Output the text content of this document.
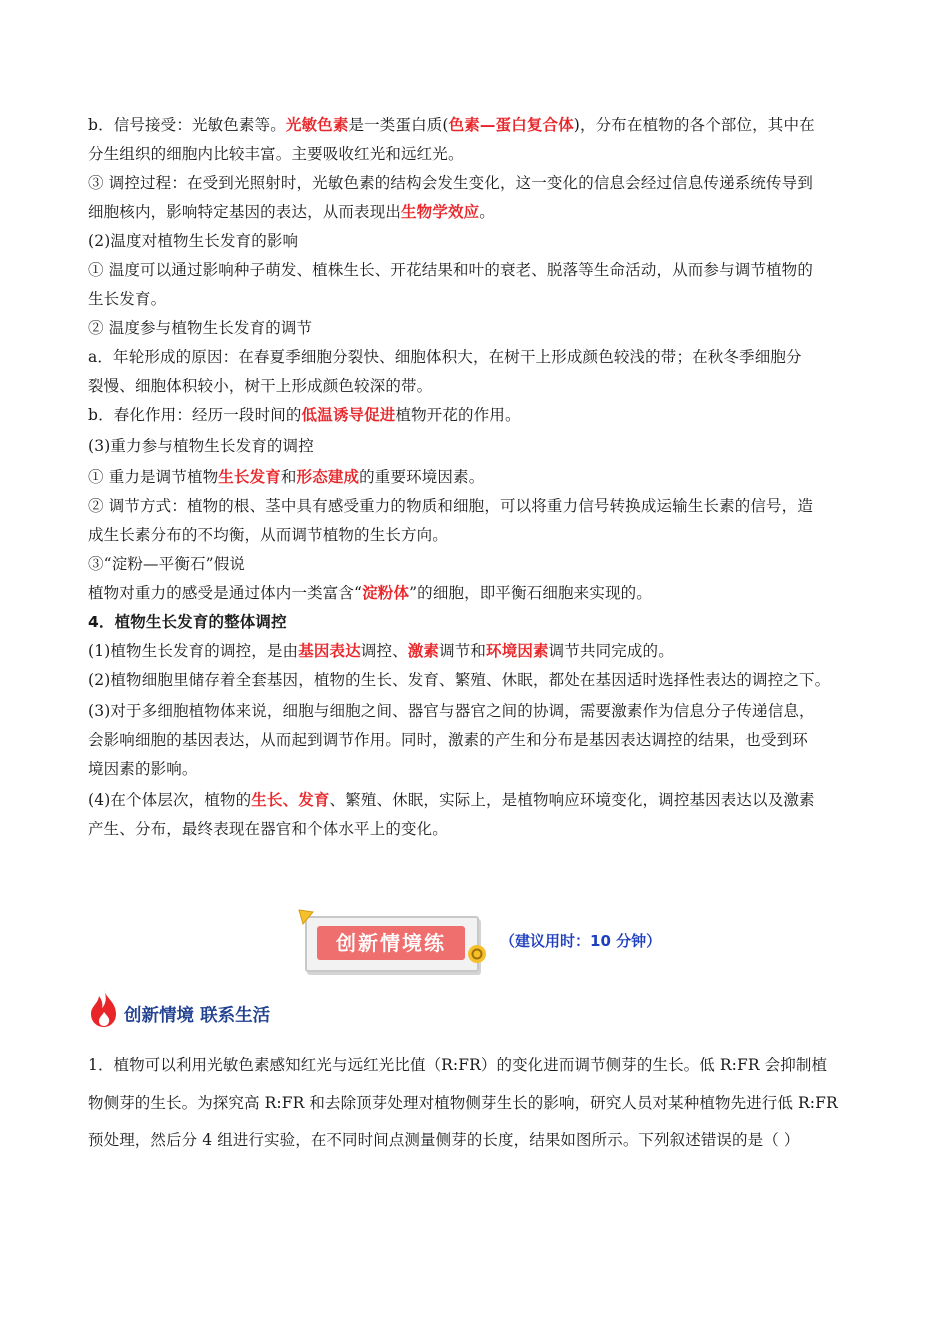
b．信号接受：光敏色素等。光敏色素是一类蛋白质(色素—蛋白复合体)，分布在植物的各个部位，其中在
分生组织的细胞内比较丰富。主要吸收红光和远红光。
③ 调控过程：在受到光照射时，光敏色素的结构会发生变化，这一变化的信息会经过信息传递系统传导到
细胞核内，影响特定基因的表达，从而表现出生物学效应。
(2)温度对植物生长发育的影响
① 温度可以通过影响种子萌发、植株生长、开花结果和叶的衰老、脱落等生命活动，从而参与调节植物的
生长发育。
② 温度参与植物生长发育的调节
a．年轮形成的原因：在春夏季细胞分裂快、细胞体积大，在树干上形成颜色较浅的带；在秋冬季细胞分
裂慢、细胞体积较小，树干上形成颜色较深的带。
b．春化作用：经历一段时间的低温诱导促进植物开花的作用。
(3)重力参与植物生长发育的调控
① 重力是调节植物生长发育和形态建成的重要环境因素。
② 调节方式：植物的根、茎中具有感受重力的物质和细胞，可以将重力信号转换成运输生长素的信号，造
成生长素分布的不均衡，从而调节植物的生长方向。
③“淀粉—平衡石”假说
植物对重力的感受是通过体内一类富含“淀粉体”的细胞，即平衡石细胞来实现的。
4．植物生长发育的整体调控
(1)植物生长发育的调控，是由基因表达调控、激素调节和环境因素调节共同完成的。
(2)植物细胞里储存着全套基因，植物的生长、发育、繁殖、休眠，都处在基因适时选择性表达的调控之下。
(3)对于多细胞植物体来说，细胞与细胞之间、器官与器官之间的协调，需要激素作为信息分子传递信息，
会影响细胞的基因表达，从而起到调节作用。同时，激素的产生和分布是基因表达调控的结果，也受到环
境因素的影响。
(4)在个体层次，植物的生长、发育、繁殖、休眠，实际上，是植物响应环境变化，调控基因表达以及激素
产生、分布，最终表现在器官和个体水平上的变化。
创新情境练	（建议用时：10 分钟）
创新情境 联系生活
1．植物可以利用光敏色素感知红光与远红光比值（R:FR）的变化进而调节侧芽的生长。低 R:FR 会抑制植
物侧芽的生长。为探究高 R:FR 和去除顶芽处理对植物侧芽生长的影响，研究人员对某种植物先进行低 R:FR
预处理，然后分 4 组进行实验，在不同时间点测量侧芽的长度，结果如图所示。下列叙述错误的是（ ）
